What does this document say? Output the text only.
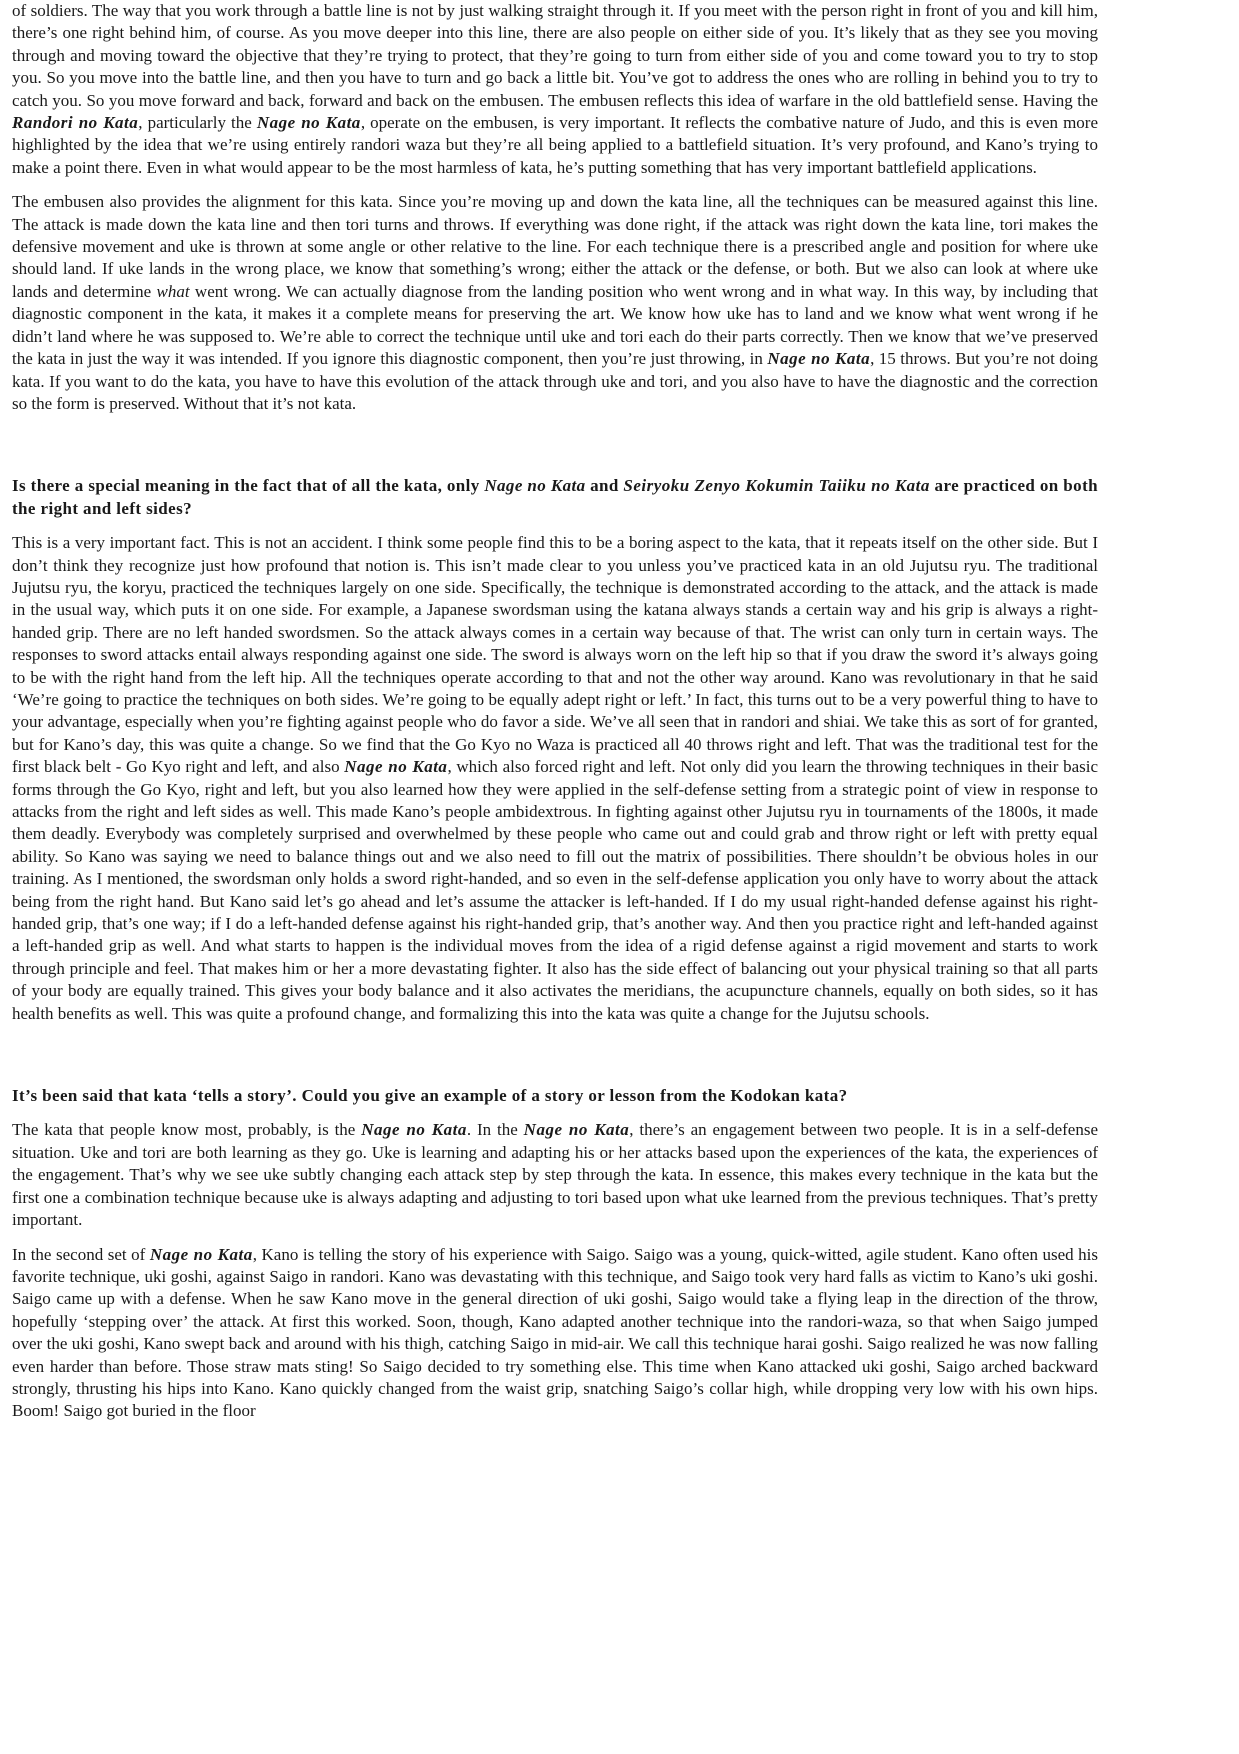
of soldiers. The way that you work through a battle line is not by just walking straight through it. If you meet with the person right in front of you and kill him, there’s one right behind him, of course. As you move deeper into this line, there are also people on either side of you. It’s likely that as they see you moving through and moving toward the objective that they’re trying to protect, that they’re going to turn from either side of you and come toward you to try to stop you. So you move into the battle line, and then you have to turn and go back a little bit. You’ve got to address the ones who are rolling in behind you to try to catch you. So you move forward and back, forward and back on the embusen. The embusen reflects this idea of warfare in the old battlefield sense. Having the Randori no Kata, particularly the Nage no Kata, operate on the embusen, is very important. It reflects the combative nature of Judo, and this is even more highlighted by the idea that we’re using entirely randori waza but they’re all being applied to a battlefield situation. It’s very profound, and Kano’s trying to make a point there. Even in what would appear to be the most harmless of kata, he’s putting something that has very important battlefield applications.

The embusen also provides the alignment for this kata. Since you’re moving up and down the kata line, all the techniques can be measured against this line. The attack is made down the kata line and then tori turns and throws. If everything was done right, if the attack was right down the kata line, tori makes the defensive movement and uke is thrown at some angle or other relative to the line. For each technique there is a prescribed angle and position for where uke should land. If uke lands in the wrong place, we know that something’s wrong; either the attack or the defense, or both. But we also can look at where uke lands and determine what went wrong. We can actually diagnose from the landing position who went wrong and in what way. In this way, by including that diagnostic component in the kata, it makes it a complete means for preserving the art. We know how uke has to land and we know what went wrong if he didn’t land where he was supposed to. We’re able to correct the technique until uke and tori each do their parts correctly. Then we know that we’ve preserved the kata in just the way it was intended. If you ignore this diagnostic component, then you’re just throwing, in Nage no Kata, 15 throws. But you’re not doing kata. If you want to do the kata, you have to have this evolution of the attack through uke and tori, and you also have to have the diagnostic and the correction so the form is preserved. Without that it’s not kata.

Is there a special meaning in the fact that of all the kata, only Nage no Kata and Seiryoku Zenyo Kokumin Taiiku no Kata are practiced on both the right and left sides?

This is a very important fact. This is not an accident. I think some people find this to be a boring aspect to the kata, that it repeats itself on the other side. But I don’t think they recognize just how profound that notion is. This isn’t made clear to you unless you’ve practiced kata in an old Jujutsu ryu. The traditional Jujutsu ryu, the koryu, practiced the techniques largely on one side. Specifically, the technique is demonstrated according to the attack, and the attack is made in the usual way, which puts it on one side. For example, a Japanese swordsman using the katana always stands a certain way and his grip is always a right-handed grip. There are no left handed swordsmen. So the attack always comes in a certain way because of that. The wrist can only turn in certain ways. The responses to sword attacks entail always responding against one side. The sword is always worn on the left hip so that if you draw the sword it’s always going to be with the right hand from the left hip. All the techniques operate according to that and not the other way around. Kano was revolutionary in that he said ‘We’re going to practice the techniques on both sides. We’re going to be equally adept right or left.’ In fact, this turns out to be a very powerful thing to have to your advantage, especially when you’re fighting against people who do favor a side. We’ve all seen that in randori and shiai. We take this as sort of for granted, but for Kano’s day, this was quite a change. So we find that the Go Kyo no Waza is practiced all 40 throws right and left. That was the traditional test for the first black belt - Go Kyo right and left, and also Nage no Kata, which also forced right and left. Not only did you learn the throwing techniques in their basic forms through the Go Kyo, right and left, but you also learned how they were applied in the self-defense setting from a strategic point of view in response to attacks from the right and left sides as well. This made Kano’s people ambidextrous. In fighting against other Jujutsu ryu in tournaments of the 1800s, it made them deadly. Everybody was completely surprised and overwhelmed by these people who came out and could grab and throw right or left with pretty equal ability. So Kano was saying we need to balance things out and we also need to fill out the matrix of possibilities. There shouldn’t be obvious holes in our training. As I mentioned, the swordsman only holds a sword right-handed, and so even in the self-defense application you only have to worry about the attack being from the right hand. But Kano said let’s go ahead and let’s assume the attacker is left-handed. If I do my usual right-handed defense against his right-handed grip, that’s one way; if I do a left-handed defense against his right-handed grip, that’s another way. And then you practice right and left-handed against a left-handed grip as well. And what starts to happen is the individual moves from the idea of a rigid defense against a rigid movement and starts to work through principle and feel. That makes him or her a more devastating fighter. It also has the side effect of balancing out your physical training so that all parts of your body are equally trained. This gives your body balance and it also activates the meridians, the acupuncture channels, equally on both sides, so it has health benefits as well. This was quite a profound change, and formalizing this into the kata was quite a change for the Jujutsu schools.

It’s been said that kata ‘tells a story’. Could you give an example of a story or lesson from the Kodokan kata?

The kata that people know most, probably, is the Nage no Kata. In the Nage no Kata, there’s an engagement between two people. It is in a self-defense situation. Uke and tori are both learning as they go. Uke is learning and adapting his or her attacks based upon the experiences of the kata, the experiences of the engagement. That’s why we see uke subtly changing each attack step by step through the kata. In essence, this makes every technique in the kata but the first one a combination technique because uke is always adapting and adjusting to tori based upon what uke learned from the previous techniques. That’s pretty important.

In the second set of Nage no Kata, Kano is telling the story of his experience with Saigo. Saigo was a young, quick-witted, agile student. Kano often used his favorite technique, uki goshi, against Saigo in randori. Kano was devastating with this technique, and Saigo took very hard falls as victim to Kano’s uki goshi. Saigo came up with a defense. When he saw Kano move in the general direction of uki goshi, Saigo would take a flying leap in the direction of the throw, hopefully ‘stepping over’ the attack. At first this worked. Soon, though, Kano adapted another technique into the randori-waza, so that when Saigo jumped over the uki goshi, Kano swept back and around with his thigh, catching Saigo in mid-air. We call this technique harai goshi. Saigo realized he was now falling even harder than before. Those straw mats sting! So Saigo decided to try something else. This time when Kano attacked uki goshi, Saigo arched backward strongly, thrusting his hips into Kano. Kano quickly changed from the waist grip, snatching Saigo’s collar high, while dropping very low with his own hips. Boom! Saigo got buried in the floor
